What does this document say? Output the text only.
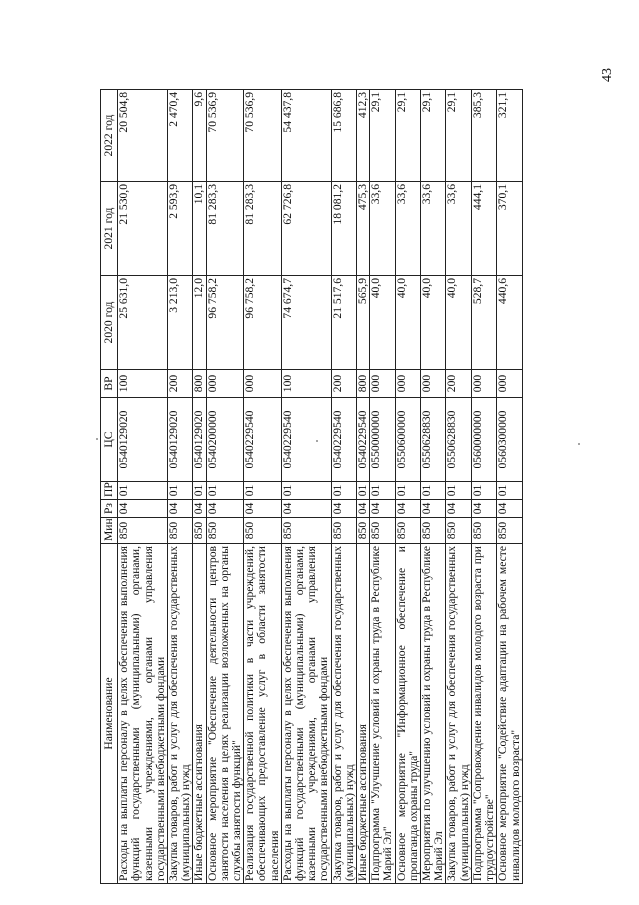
43
Наименование	Мин	Рз	ПР	ЦС	ВР	2020 год	2021 год	2022 год
Расходы на выплаты персоналу в целях обеспечения выполнения функций государственными (муниципальными) органами, казенными учреждениями, органами управления государственными внебюджетными фондами	850	04	01	0540129020	100	25 631,0	21 530,0	20 504,8
Закупка товаров, работ и услуг для обеспечения государственных (муниципальных) нужд	850	04	01	0540129020	200	3 213,0	2 593,9	2 470,4
Иные бюджетные ассигнования	850	04	01	0540129020	800	12,0	10,1	9,6
Основное мероприятие "Обеспечение деятельности центров занятости населения в целях реализации возложенных на органы службы занятости функций"	850	04	01	0540200000	000	96 758,2	81 283,3	70 536,9
Реализация государственной политики в части учреждений, обеспечивающих предоставление услуг в области занятости населения	850	04	01	0540229540	000	96 758,2	81 283,3	70 536,9
Расходы на выплаты персоналу в целях обеспечения выполнения функций государственными (муниципальными) органами, казенными учреждениями, органами управления государственными внебюджетными фондами	850	04	01	0540229540	100	74 674,7	62 726,8	54 437,8
Закупка товаров, работ и услуг для обеспечения государственных (муниципальных) нужд	850	04	01	0540229540	200	21 517,6	18 081,2	15 686,8
Иные бюджетные ассигнования	850	04	01	0540229540	800	565,9	475,3	412,3
Подпрограмма "Улучшение условий и охраны труда в Республике Марий Эл"	850	04	01	0550000000	000	40,0	33,6	29,1
Основное мероприятие "Информационное обеспечение и пропаганда охраны труда"	850	04	01	0550600000	000	40,0	33,6	29,1
Мероприятия по улучшению условий и охраны труда в Республике Марий Эл	850	04	01	0550628830	000	40,0	33,6	29,1
Закупка товаров, работ и услуг для обеспечения государственных (муниципальных) нужд	850	04	01	0550628830	200	40,0	33,6	29,1
Подпрограмма "Сопровождение инвалидов молодого возраста при трудоустройстве"	850	04	01	0560000000	000	528,7	444,1	385,3
Основное мероприятие "Содействие адаптации на рабочем месте инвалидов молодого возраста"	850	04	01	0560300000	000	440,6	370,1	321,1
